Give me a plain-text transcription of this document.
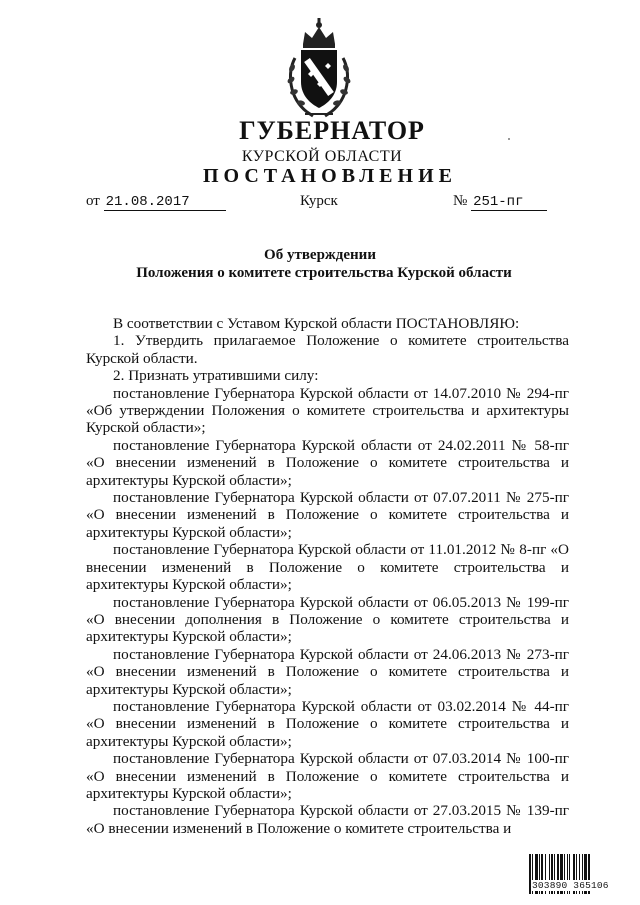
ГУБЕРНАТОР
КУРСКОЙ ОБЛАСТИ
ПОСТАНОВЛЕНИЕ
от 21.08.2017	Курск	№ 251-пг
Об утверждении
Положения о комитете строительства Курской области

В соответствии с Уставом Курской области ПОСТАНОВЛЯЮ:

1. Утвердить прилагаемое Положение о комитете строительства Курской области.

2. Признать утратившими силу:

постановление Губернатора Курской области от 14.07.2010 № 294-пг «Об утверждении Положения о комитете строительства и архитектуры Курской области»;

постановление Губернатора Курской области от 24.02.2011 № 58-пг «О внесении изменений в Положение о комитете строительства и архитектуры Курской области»;

постановление Губернатора Курской области от 07.07.2011 № 275-пг «О внесении изменений в Положение о комитете строительства и архитектуры Курской области»;

постановление Губернатора Курской области от 11.01.2012 № 8-пг «О внесении изменений в Положение о комитете строительства и архитектуры Курской области»;

постановление Губернатора Курской области от 06.05.2013 № 199-пг «О внесении дополнения в Положение о комитете строительства и архитектуры Курской области»;

постановление Губернатора Курской области от 24.06.2013 № 273-пг «О внесении изменений в Положение о комитете строительства и архитектуры Курской области»;

постановление Губернатора Курской области от 03.02.2014 № 44-пг «О внесении изменений в Положение о комитете строительства и архитектуры Курской области»;

постановление Губернатора Курской области от 07.03.2014 № 100-пг «О внесении изменений в Положение о комитете строительства и архитектуры Курской области»;

постановление Губернатора Курской области от 27.03.2015 № 139-пг «О внесении изменений в Положение о комитете строительства и

303890 365106
